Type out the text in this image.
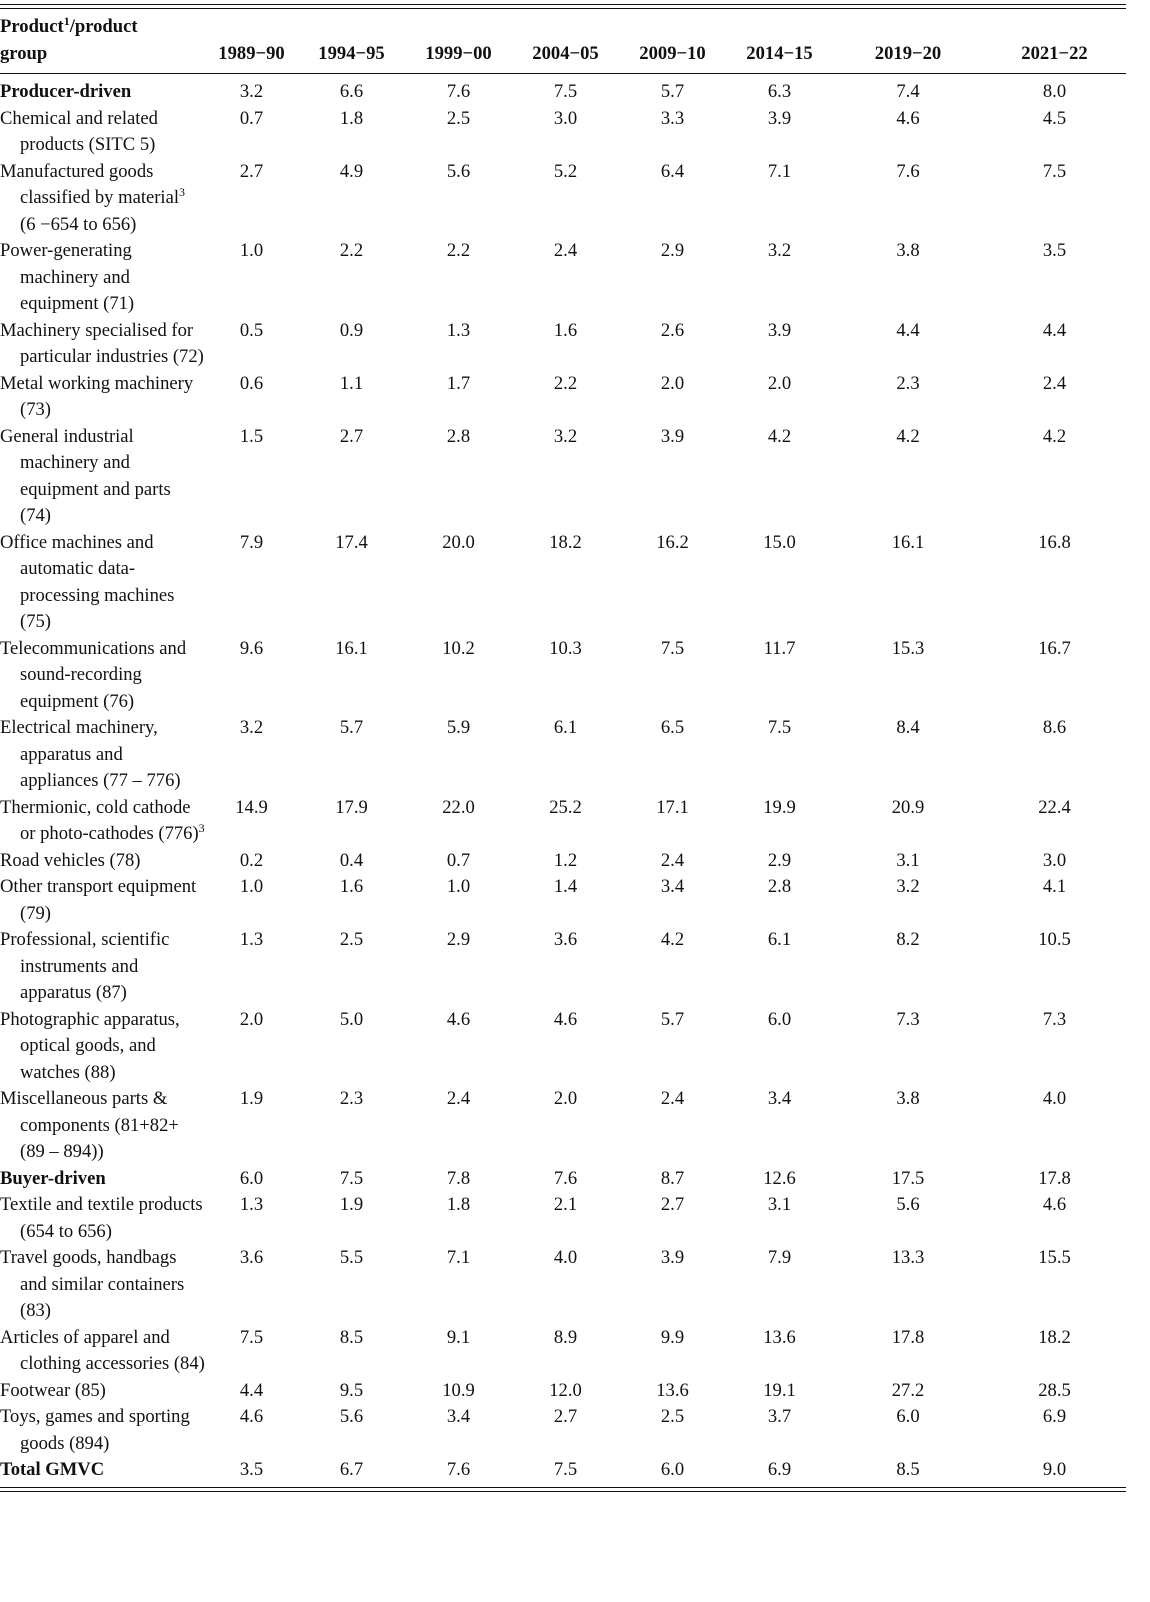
Product$^1$/product
group	1989−90	1994−95	1999−00	2004−05	2009−10	2014−15	2019−20	2021−22
Producer-driven	3.2	6.6	7.6	7.5	5.7	6.3	7.4	8.0
Chemical and related products (SITC 5)	0.7	1.8	2.5	3.0	3.3	3.9	4.6	4.5
Manufactured goods classified by material$^3$ (6 −654 to 656)	2.7	4.9	5.6	5.2	6.4	7.1	7.6	7.5
Power-generating machinery and equipment (71)	1.0	2.2	2.2	2.4	2.9	3.2	3.8	3.5
Machinery specialised for particular industries (72)	0.5	0.9	1.3	1.6	2.6	3.9	4.4	4.4
Metal working machinery (73)	0.6	1.1	1.7	2.2	2.0	2.0	2.3	2.4
General industrial machinery and equipment and parts (74)	1.5	2.7	2.8	3.2	3.9	4.2	4.2	4.2
Office machines and automatic data-processing machines (75)	7.9	17.4	20.0	18.2	16.2	15.0	16.1	16.8
Telecommunications and sound-recording equipment (76)	9.6	16.1	10.2	10.3	7.5	11.7	15.3	16.7
Electrical machinery, apparatus and appliances (77 – 776)	3.2	5.7	5.9	6.1	6.5	7.5	8.4	8.6
Thermionic, cold cathode or photo-cathodes $(776)^3$	14.9	17.9	22.0	25.2	17.1	19.9	20.9	22.4
Road vehicles (78)	0.2	0.4	0.7	1.2	2.4	2.9	3.1	3.0
Other transport equipment (79)	1.0	1.6	1.0	1.4	3.4	2.8	3.2	4.1
Professional, scientific instruments and apparatus (87)	1.3	2.5	2.9	3.6	4.2	6.1	8.2	10.5
Photographic apparatus, optical goods, and watches (88)	2.0	5.0	4.6	4.6	5.7	6.0	7.3	7.3
Miscellaneous parts & components (81+82+ (89 – 894))	1.9	2.3	2.4	2.0	2.4	3.4	3.8	4.0
Buyer-driven	6.0	7.5	7.8	7.6	8.7	12.6	17.5	17.8
Textile and textile products (654 to 656)	1.3	1.9	1.8	2.1	2.7	3.1	5.6	4.6
Travel goods, handbags and similar containers (83)	3.6	5.5	7.1	4.0	3.9	7.9	13.3	15.5
Articles of apparel and clothing accessories (84)	7.5	8.5	9.1	8.9	9.9	13.6	17.8	18.2
Footwear (85)	4.4	9.5	10.9	12.0	13.6	19.1	27.2	28.5
Toys, games and sporting goods (894)	4.6	5.6	3.4	2.7	2.5	3.7	6.0	6.9
Total GMVC	3.5	6.7	7.6	7.5	6.0	6.9	8.5	9.0
